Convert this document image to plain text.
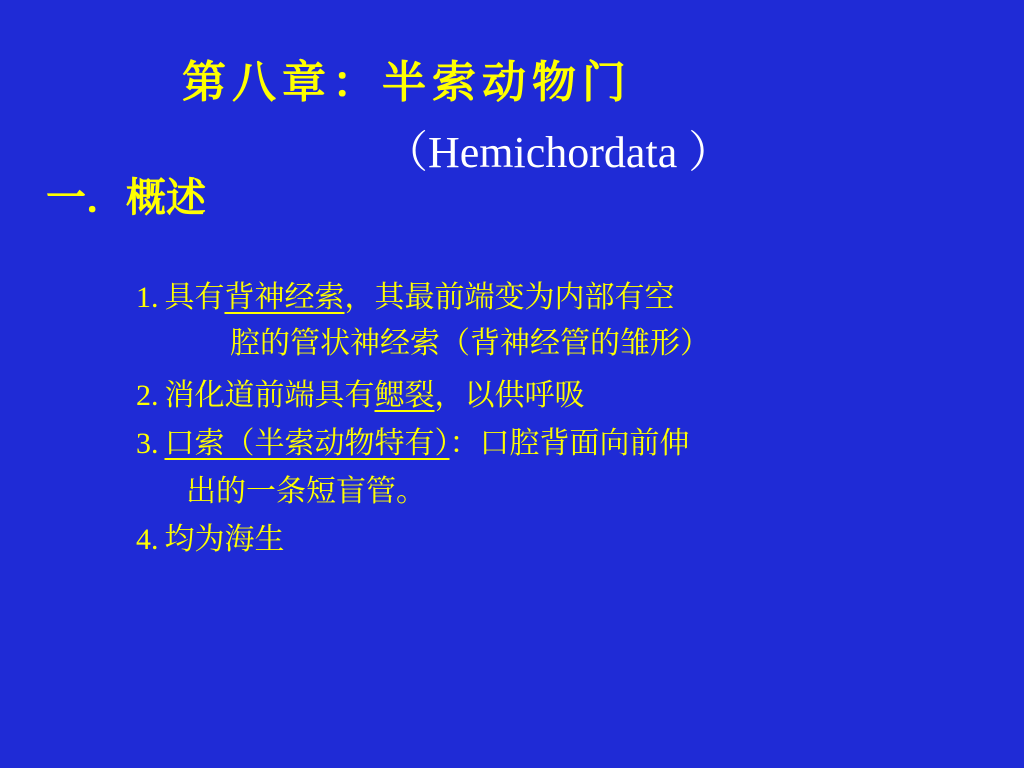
第八章：半索动物门
（Hemichordata ）
一．概述
1. 具有背神经索，其最前端变为内部有空
腔的管状神经索（背神经管的雏形）
2. 消化道前端具有鳃裂，以供呼吸
3. 口索（半索动物特有）：口腔背面向前伸
出的一条短盲管。
4. 均为海生
